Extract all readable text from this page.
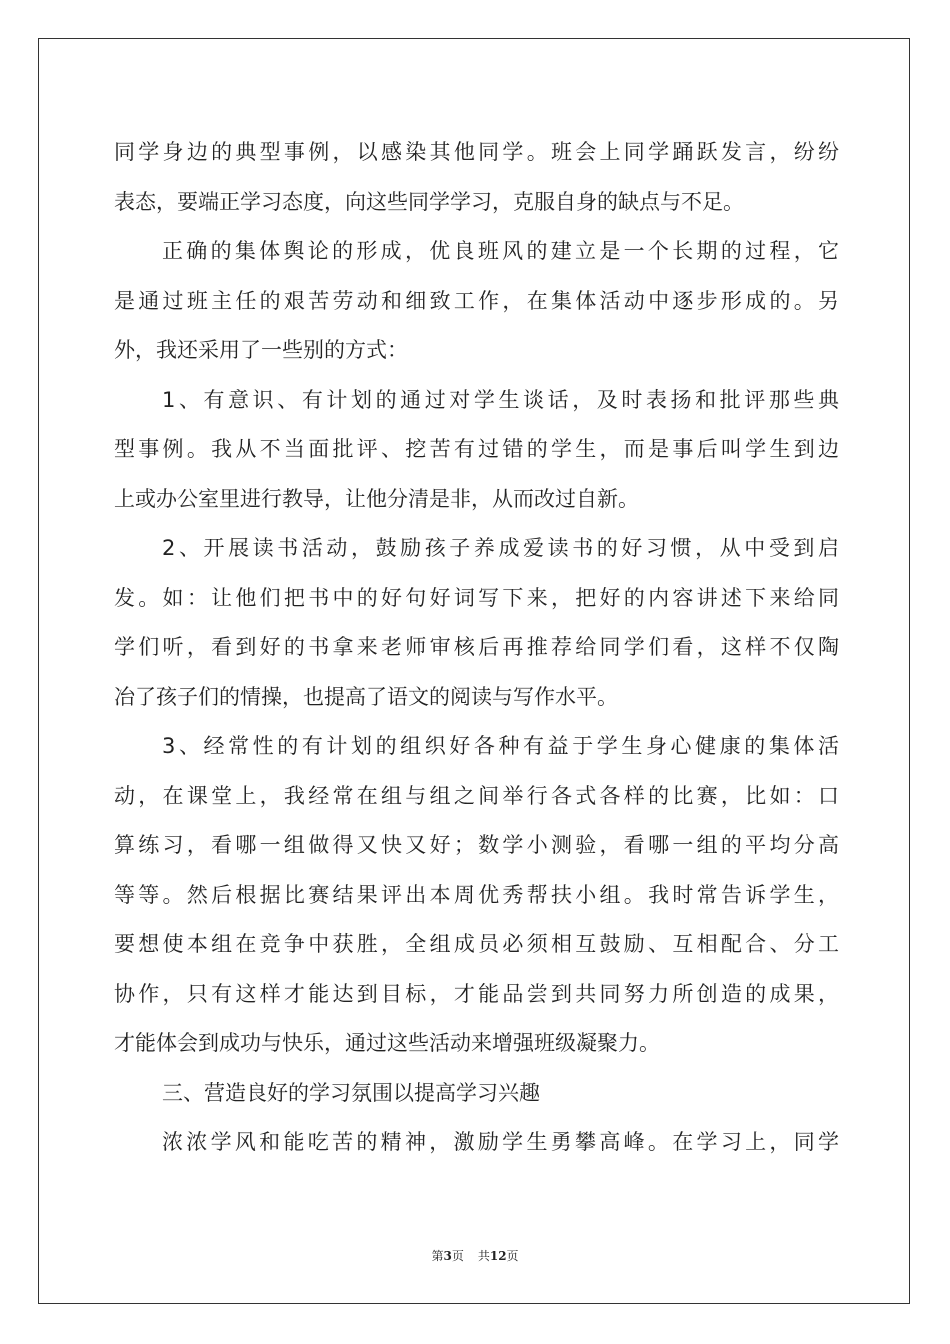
同学身边的典型事例，以感染其他同学。班会上同学踊跃发言，纷纷
表态，要端正学习态度，向这些同学学习，克服自身的缺点与不足。
正确的集体舆论的形成，优良班风的建立是一个长期的过程，它
是通过班主任的艰苦劳动和细致工作，在集体活动中逐步形成的。另
外，我还采用了一些别的方式：
1、有意识、有计划的通过对学生谈话，及时表扬和批评那些典
型事例。我从不当面批评、挖苦有过错的学生，而是事后叫学生到边
上或办公室里进行教导，让他分清是非，从而改过自新。
2、开展读书活动，鼓励孩子养成爱读书的好习惯，从中受到启
发。如：让他们把书中的好句好词写下来，把好的内容讲述下来给同
学们听，看到好的书拿来老师审核后再推荐给同学们看，这样不仅陶
冶了孩子们的情操，也提高了语文的阅读与写作水平。
3、经常性的有计划的组织好各种有益于学生身心健康的集体活
动，在课堂上，我经常在组与组之间举行各式各样的比赛，比如：口
算练习，看哪一组做得又快又好；数学小测验，看哪一组的平均分高
等等。然后根据比赛结果评出本周优秀帮扶小组。我时常告诉学生，
要想使本组在竞争中获胜，全组成员必须相互鼓励、互相配合、分工
协作，只有这样才能达到目标，才能品尝到共同努力所创造的成果，
才能体会到成功与快乐，通过这些活动来增强班级凝聚力。
三、营造良好的学习氛围以提高学习兴趣
浓浓学风和能吃苦的精神，激励学生勇攀高峰。在学习上，同学
第3页 共12页
